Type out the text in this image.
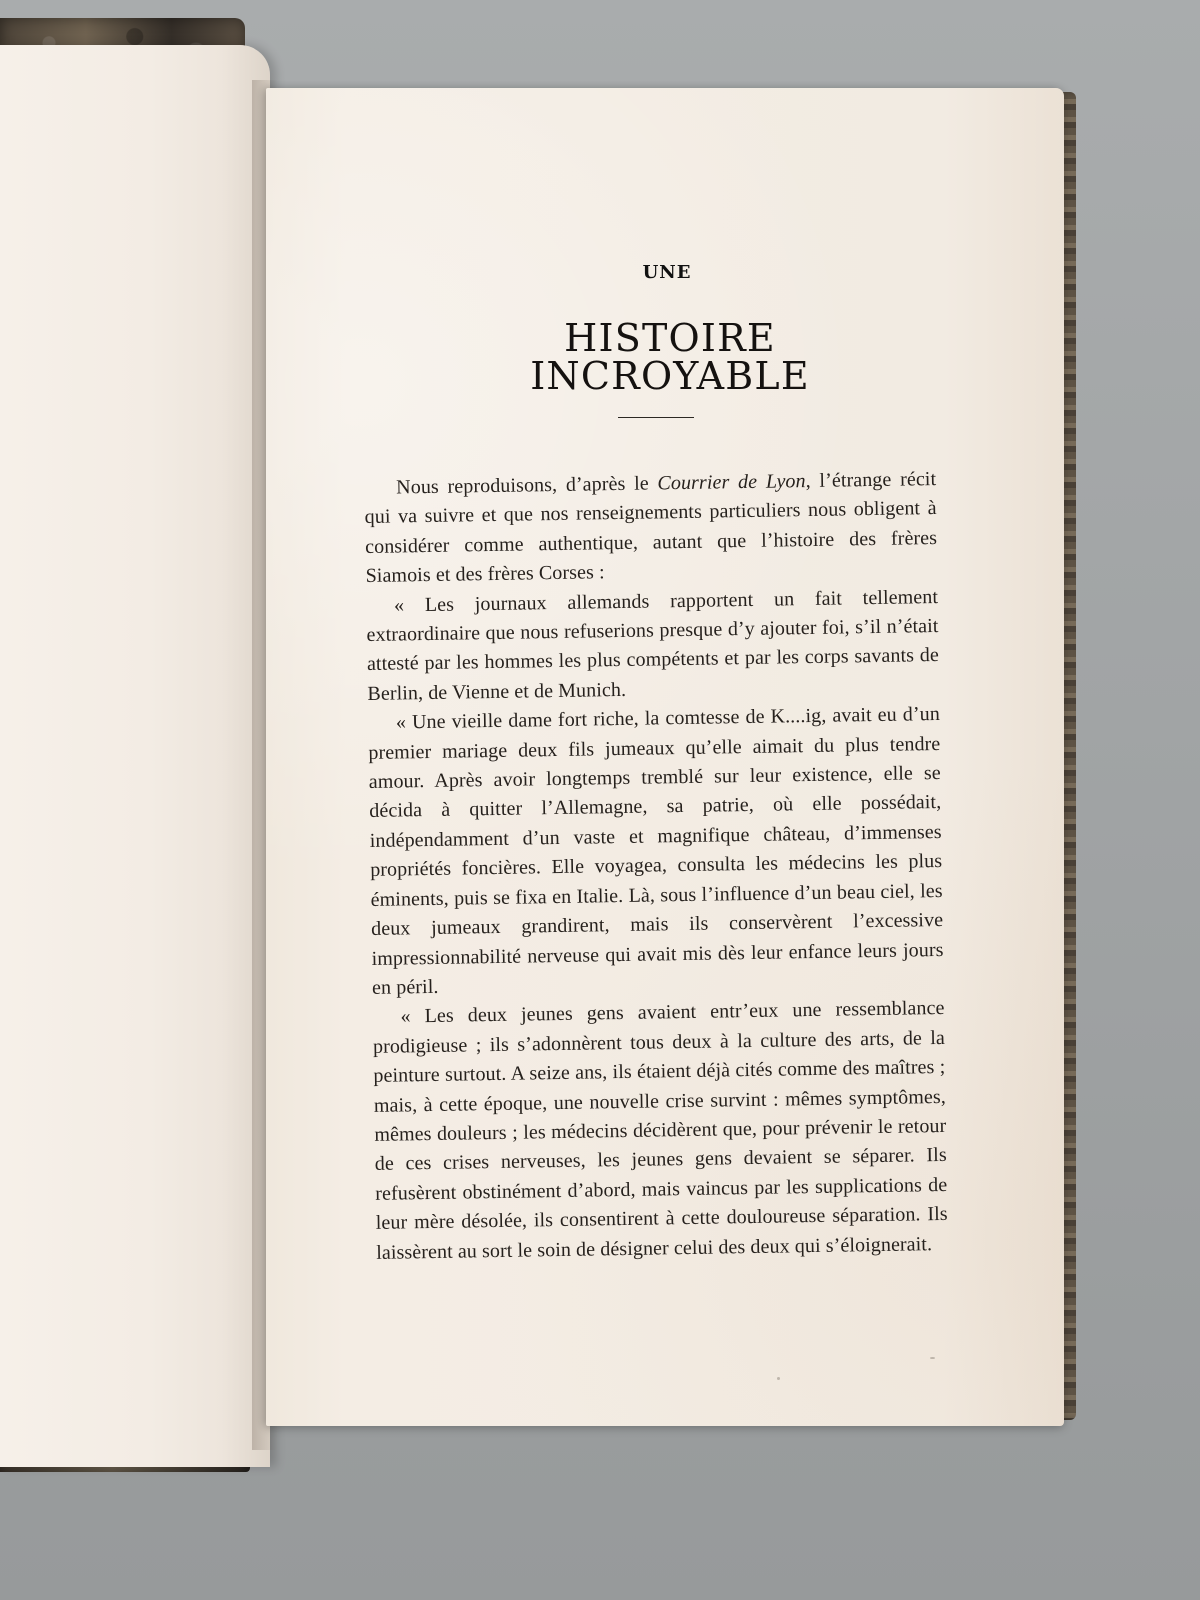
UNE
HISTOIRE INCROYABLE

Nous reproduisons, d’après le Courrier de Lyon, l’étrange récit qui va suivre et que nos renseignements particuliers nous obligent à considérer comme authentique, autant que l’histoire des frères Siamois et des frères Corses :

« Les journaux allemands rapportent un fait tellement extraordinaire que nous refuserions presque d’y ajouter foi, s’il n’était attesté par les hommes les plus compétents et par les corps savants de Berlin, de Vienne et de Munich.

« Une vieille dame fort riche, la comtesse de K....ig, avait eu d’un premier mariage deux fils jumeaux qu’elle aimait du plus tendre amour. Après avoir longtemps tremblé sur leur existence, elle se décida à quitter l’Allemagne, sa patrie, où elle possédait, indépendamment d’un vaste et magnifique château, d’immenses propriétés foncières. Elle voyagea, consulta les médecins les plus éminents, puis se fixa en Italie. Là, sous l’influence d’un beau ciel, les deux jumeaux grandirent, mais ils conservèrent l’excessive impressionnabilité nerveuse qui avait mis dès leur enfance leurs jours en péril.

« Les deux jeunes gens avaient entr’eux une ressemblance prodigieuse ; ils s’adonnèrent tous deux à la culture des arts, de la peinture surtout. A seize ans, ils étaient déjà cités comme des maîtres ; mais, à cette époque, une nouvelle crise survint : mêmes symptômes, mêmes douleurs ; les médecins décidèrent que, pour prévenir le retour de ces crises nerveuses, les jeunes gens devaient se séparer. Ils refusèrent obstinément d’abord, mais vaincus par les supplications de leur mère désolée, ils consentirent à cette douloureuse séparation. Ils laissèrent au sort le soin de désigner celui des deux qui s’éloignerait.
